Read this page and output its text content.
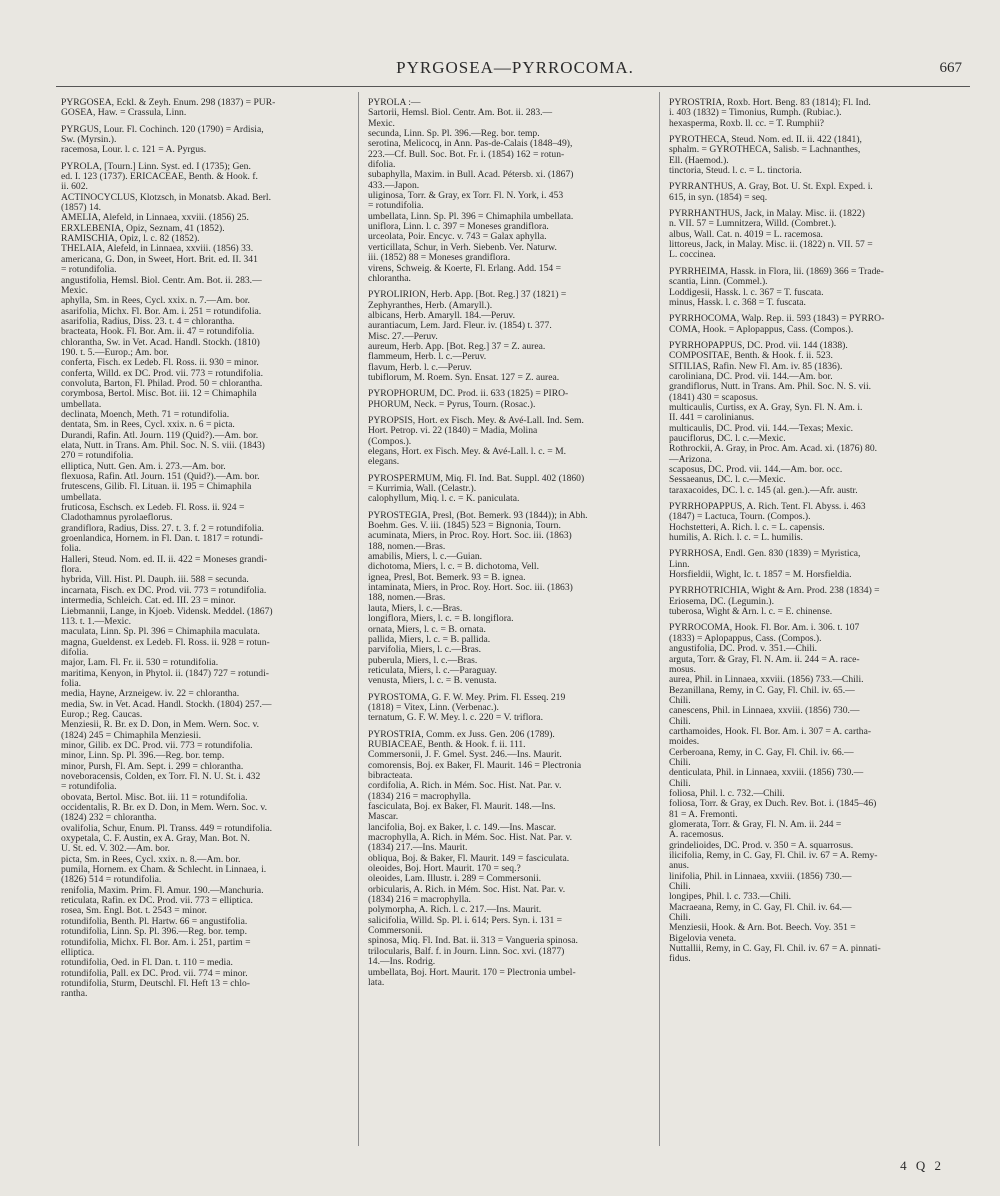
PYRGOSEA—PYRROCOMA.	667
PYRGOSEA, Eckl. & Zeyh. Enum. 298 (1837) = PUR-
GOSEA, Haw. = Crassula, Linn.
PYRGUS, Lour. Fl. Cochinch. 120 (1790) = Ardisia,
Sw. (Myrsin.).
racemosa, Lour. l. c. 121 = A. Pyrgus.
PYROLA, [Tourn.] Linn. Syst. ed. I (1735); Gen.
ed. I. 123 (1737). ERICACEAE, Benth. & Hook. f.
ii. 602.
ACTINOCYCLUS, Klotzsch, in Monatsb. Akad. Berl.
(1857) 14.
AMELIA, Alefeld, in Linnaea, xxviii. (1856) 25.
ERXLEBENIA, Opiz, Seznam, 41 (1852).
RAMISCHIA, Opiz, l. c. 82 (1852).
THELAIA, Alefeld, in Linnaea, xxviii. (1856) 33.
americana, G. Don, in Sweet, Hort. Brit. ed. II. 341
= rotundifolia.
angustifolia, Hemsl. Biol. Centr. Am. Bot. ii. 283.—
Mexic.
aphylla, Sm. in Rees, Cycl. xxix. n. 7.—Am. bor.
asarifolia, Michx. Fl. Bor. Am. i. 251 = rotundifolia.
asarifolia, Radius, Diss. 23. t. 4 = chlorantha.
bracteata, Hook. Fl. Bor. Am. ii. 47 = rotundifolia.
chlorantha, Sw. in Vet. Acad. Handl. Stockh. (1810)
190. t. 5.—Europ.; Am. bor.
conferta, Fisch. ex Ledeb. Fl. Ross. ii. 930 = minor.
conferta, Willd. ex DC. Prod. vii. 773 = rotundifolia.
convoluta, Barton, Fl. Philad. Prod. 50 = chlorantha.
corymbosa, Bertol. Misc. Bot. iii. 12 = Chimaphila
umbellata.
declinata, Moench, Meth. 71 = rotundifolia.
dentata, Sm. in Rees, Cycl. xxix. n. 6 = picta.
Durandi, Rafin. Atl. Journ. 119 (Quid?).—Am. bor.
elata, Nutt. in Trans. Am. Phil. Soc. N. S. viii. (1843)
270 = rotundifolia.
elliptica, Nutt. Gen. Am. i. 273.—Am. bor.
flexuosa, Rafin. Atl. Journ. 151 (Quid?).—Am. bor.
frutescens, Gilib. Fl. Lituan. ii. 195 = Chimaphila
umbellata.
fruticosa, Eschsch. ex Ledeb. Fl. Ross. ii. 924 =
Cladothamnus pyrolaeflorus.
grandiflora, Radius, Diss. 27. t. 3. f. 2 = rotundifolia.
groenlandica, Hornem. in Fl. Dan. t. 1817 = rotundi-
folia.
Halleri, Steud. Nom. ed. II. ii. 422 = Moneses grandi-
flora.
hybrida, Vill. Hist. Pl. Dauph. iii. 588 = secunda.
incarnata, Fisch. ex DC. Prod. vii. 773 = rotundifolia.
intermedia, Schleich. Cat. ed. III. 23 = minor.
Liebmannii, Lange, in Kjoeb. Vidensk. Meddel. (1867)
113. t. 1.—Mexic.
maculata, Linn. Sp. Pl. 396 = Chimaphila maculata.
magna, Gueldenst. ex Ledeb. Fl. Ross. ii. 928 = rotun-
difolia.
major, Lam. Fl. Fr. ii. 530 = rotundifolia.
maritima, Kenyon, in Phytol. ii. (1847) 727 = rotundi-
folia.
media, Hayne, Arzneigew. iv. 22 = chlorantha.
media, Sw. in Vet. Acad. Handl. Stockh. (1804) 257.—
Europ.; Reg. Caucas.
Menziesii, R. Br. ex D. Don, in Mem. Wern. Soc. v.
(1824) 245 = Chimaphila Menziesii.
minor, Gilib. ex DC. Prod. vii. 773 = rotundifolia.
minor, Linn. Sp. Pl. 396.—Reg. bor. temp.
minor, Pursh, Fl. Am. Sept. i. 299 = chlorantha.
noveboracensis, Colden, ex Torr. Fl. N. U. St. i. 432
= rotundifolia.
obovata, Bertol. Misc. Bot. iii. 11 = rotundifolia.
occidentalis, R. Br. ex D. Don, in Mem. Wern. Soc. v.
(1824) 232 = chlorantha.
ovalifolia, Schur, Enum. Pl. Transs. 449 = rotundifolia.
oxypetala, C. F. Austin, ex A. Gray, Man. Bot. N.
U. St. ed. V. 302.—Am. bor.
picta, Sm. in Rees, Cycl. xxix. n. 8.—Am. bor.
pumila, Hornem. ex Cham. & Schlecht. in Linnaea, i.
(1826) 514 = rotundifolia.
renifolia, Maxim. Prim. Fl. Amur. 190.—Manchuria.
reticulata, Rafin. ex DC. Prod. vii. 773 = elliptica.
rosea, Sm. Engl. Bot. t. 2543 = minor.
rotundifolia, Benth. Pl. Hartw. 66 = angustifolia.
rotundifolia, Linn. Sp. Pl. 396.—Reg. bor. temp.
rotundifolia, Michx. Fl. Bor. Am. i. 251, partim =
elliptica.
rotundifolia, Oed. in Fl. Dan. t. 110 = media.
rotundifolia, Pall. ex DC. Prod. vii. 774 = minor.
rotundifolia, Sturm, Deutschl. Fl. Heft 13 = chlo-
rantha.
PYROLA :—
Sartorii, Hemsl. Biol. Centr. Am. Bot. ii. 283.—
Mexic.
secunda, Linn. Sp. Pl. 396.—Reg. bor. temp.
serotina, Melicocq, in Ann. Pas-de-Calais (1848–49),
223.—Cf. Bull. Soc. Bot. Fr. i. (1854) 162 = rotun-
difolia.
subaphylla, Maxim. in Bull. Acad. Pétersb. xi. (1867)
433.—Japon.
uliginosa, Torr. & Gray, ex Torr. Fl. N. York, i. 453
= rotundifolia.
umbellata, Linn. Sp. Pl. 396 = Chimaphila umbellata.
uniflora, Linn. l. c. 397 = Moneses grandiflora.
urceolata, Poir. Encyc. v. 743 = Galax aphylla.
verticillata, Schur, in Verh. Siebenb. Ver. Naturw.
iii. (1852) 88 = Moneses grandiflora.
virens, Schweig. & Koerte, Fl. Erlang. Add. 154 =
chlorantha.
PYROLIRION, Herb. App. [Bot. Reg.] 37 (1821) =
Zephyranthes, Herb. (Amaryll.).
albicans, Herb. Amaryll. 184.—Peruv.
aurantiacum, Lem. Jard. Fleur. iv. (1854) t. 377.
Misc. 27.—Peruv.
aureum, Herb. App. [Bot. Reg.] 37 = Z. aurea.
flammeum, Herb. l. c.—Peruv.
flavum, Herb. l. c.—Peruv.
tubiflorum, M. Roem. Syn. Ensat. 127 = Z. aurea.
PYROPHORUM, DC. Prod. ii. 633 (1825) = PIRO-
PHORUM, Neck. = Pyrus, Tourn. (Rosac.).
PYROPSIS, Hort. ex Fisch. Mey. & Avé-Lall. Ind. Sem.
Hort. Petrop. vi. 22 (1840) = Madia, Molina
(Compos.).
elegans, Hort. ex Fisch. Mey. & Avé-Lall. l. c. = M.
elegans.
PYROSPERMUM, Miq. Fl. Ind. Bat. Suppl. 402 (1860)
= Kurrimia, Wall. (Celastr.).
calophyllum, Miq. l. c. = K. paniculata.
PYROSTEGIA, Presl, (Bot. Bemerk. 93 (1844)); in Abh.
Boehm. Ges. V. iii. (1845) 523 = Bignonia, Tourn.
acuminata, Miers, in Proc. Roy. Hort. Soc. iii. (1863)
188, nomen.—Bras.
amabilis, Miers, l. c.—Guian.
dichotoma, Miers, l. c. = B. dichotoma, Vell.
ignea, Presl, Bot. Bemerk. 93 = B. ignea.
intaminata, Miers, in Proc. Roy. Hort. Soc. iii. (1863)
188, nomen.—Bras.
lauta, Miers, l. c.—Bras.
longiflora, Miers, l. c. = B. longiflora.
ornata, Miers, l. c. = B. ornata.
pallida, Miers, l. c. = B. pallida.
parvifolia, Miers, l. c.—Bras.
puberula, Miers, l. c.—Bras.
reticulata, Miers, l. c.—Paraguay.
venusta, Miers, l. c. = B. venusta.
PYROSTOMA, G. F. W. Mey. Prim. Fl. Esseq. 219
(1818) = Vitex, Linn. (Verbenac.).
ternatum, G. F. W. Mey. l. c. 220 = V. triflora.
PYROSTRIA, Comm. ex Juss. Gen. 206 (1789).
RUBIACEAE, Benth. & Hook. f. ii. 111.
Commersonii, J. F. Gmel. Syst. 246.—Ins. Maurit.
comorensis, Boj. ex Baker, Fl. Maurit. 146 = Plectronia
bibracteata.
cordifolia, A. Rich. in Mém. Soc. Hist. Nat. Par. v.
(1834) 216 = macrophylla.
fasciculata, Boj. ex Baker, Fl. Maurit. 148.—Ins.
Mascar.
lancifolia, Boj. ex Baker, l. c. 149.—Ins. Mascar.
macrophylla, A. Rich. in Mém. Soc. Hist. Nat. Par. v.
(1834) 217.—Ins. Maurit.
obliqua, Boj. & Baker, Fl. Maurit. 149 = fasciculata.
oleoides, Boj. Hort. Maurit. 170 = seq.?
oleoides, Lam. Illustr. i. 289 = Commersonii.
orbicularis, A. Rich. in Mém. Soc. Hist. Nat. Par. v.
(1834) 216 = macrophylla.
polymorpha, A. Rich. l. c. 217.—Ins. Maurit.
salicifolia, Willd. Sp. Pl. i. 614; Pers. Syn. i. 131 =
Commersonii.
spinosa, Miq. Fl. Ind. Bat. ii. 313 = Vangueria spinosa.
trilocularis, Balf. f. in Journ. Linn. Soc. xvi. (1877)
14.—Ins. Rodrig.
umbellata, Boj. Hort. Maurit. 170 = Plectronia umbel-
lata.
PYROSTRIA, Roxb. Hort. Beng. 83 (1814); Fl. Ind.
i. 403 (1832) = Timonius, Rumph. (Rubiac.).
hexasperma, Roxb. ll. cc. = T. Rumphii?
PYROTHECA, Steud. Nom. ed. II. ii. 422 (1841),
sphalm. = GYROTHECA, Salisb. = Lachnanthes,
Ell. (Haemod.).
tinctoria, Steud. l. c. = L. tinctoria.
PYRRANTHUS, A. Gray, Bot. U. St. Expl. Exped. i.
615, in syn. (1854) = seq.
PYRRHANTHUS, Jack, in Malay. Misc. ii. (1822)
n. VII. 57 = Lumnitzera, Willd. (Combret.).
albus, Wall. Cat. n. 4019 = L. racemosa.
littoreus, Jack, in Malay. Misc. ii. (1822) n. VII. 57 =
L. coccinea.
PYRRHEIMA, Hassk. in Flora, lii. (1869) 366 = Trade-
scantia, Linn. (Commel.).
Loddigesii, Hassk. l. c. 367 = T. fuscata.
minus, Hassk. l. c. 368 = T. fuscata.
PYRRHOCOMA, Walp. Rep. ii. 593 (1843) = PYRRO-
COMA, Hook. = Aplopappus, Cass. (Compos.).
PYRRHOPAPPUS, DC. Prod. vii. 144 (1838).
COMPOSITAE, Benth. & Hook. f. ii. 523.
SITILIAS, Rafin. New Fl. Am. iv. 85 (1836).
caroliniana, DC. Prod. vii. 144.—Am. bor.
grandiflorus, Nutt. in Trans. Am. Phil. Soc. N. S. vii.
(1841) 430 = scaposus.
multicaulis, Curtiss, ex A. Gray, Syn. Fl. N. Am. i.
II. 441 = carolinianus.
multicaulis, DC. Prod. vii. 144.—Texas; Mexic.
pauciflorus, DC. l. c.—Mexic.
Rothrockii, A. Gray, in Proc. Am. Acad. xi. (1876) 80.
—Arizona.
scaposus, DC. Prod. vii. 144.—Am. bor. occ.
Sessaeanus, DC. l. c.—Mexic.
taraxacoides, DC. l. c. 145 (al. gen.).—Afr. austr.
PYRRHOPAPPUS, A. Rich. Tent. Fl. Abyss. i. 463
(1847) = Lactuca, Tourn. (Compos.).
Hochstetteri, A. Rich. l. c. = L. capensis.
humilis, A. Rich. l. c. = L. humilis.
PYRRHOSA, Endl. Gen. 830 (1839) = Myristica,
Linn.
Horsfieldii, Wight, Ic. t. 1857 = M. Horsfieldia.
PYRRHOTRICHIA, Wight & Arn. Prod. 238 (1834) =
Eriosema, DC. (Legumin.).
tuberosa, Wight & Arn. l. c. = E. chinense.
PYRROCOMA, Hook. Fl. Bor. Am. i. 306. t. 107
(1833) = Aplopappus, Cass. (Compos.).
angustifolia, DC. Prod. v. 351.—Chili.
arguta, Torr. & Gray, Fl. N. Am. ii. 244 = A. race-
mosus.
aurea, Phil. in Linnaea, xxviii. (1856) 733.—Chili.
Bezanillana, Remy, in C. Gay, Fl. Chil. iv. 65.—
Chili.
canescens, Phil. in Linnaea, xxviii. (1856) 730.—
Chili.
carthamoides, Hook. Fl. Bor. Am. i. 307 = A. cartha-
moides.
Cerberoana, Remy, in C. Gay, Fl. Chil. iv. 66.—
Chili.
denticulata, Phil. in Linnaea, xxviii. (1856) 730.—
Chili.
foliosa, Phil. l. c. 732.—Chili.
foliosa, Torr. & Gray, ex Duch. Rev. Bot. i. (1845–46)
81 = A. Fremonti.
glomerata, Torr. & Gray, Fl. N. Am. ii. 244 =
A. racemosus.
grindelioides, DC. Prod. v. 350 = A. squarrosus.
ilicifolia, Remy, in C. Gay, Fl. Chil. iv. 67 = A. Remy-
anus.
linifolia, Phil. in Linnaea, xxviii. (1856) 730.—
Chili.
longipes, Phil. l. c. 733.—Chili.
Macraeana, Remy, in C. Gay, Fl. Chil. iv. 64.—
Chili.
Menziesii, Hook. & Arn. Bot. Beech. Voy. 351 =
Bigelovia veneta.
Nuttallii, Remy, in C. Gay, Fl. Chil. iv. 67 = A. pinnati-
fidus.
4 Q 2
